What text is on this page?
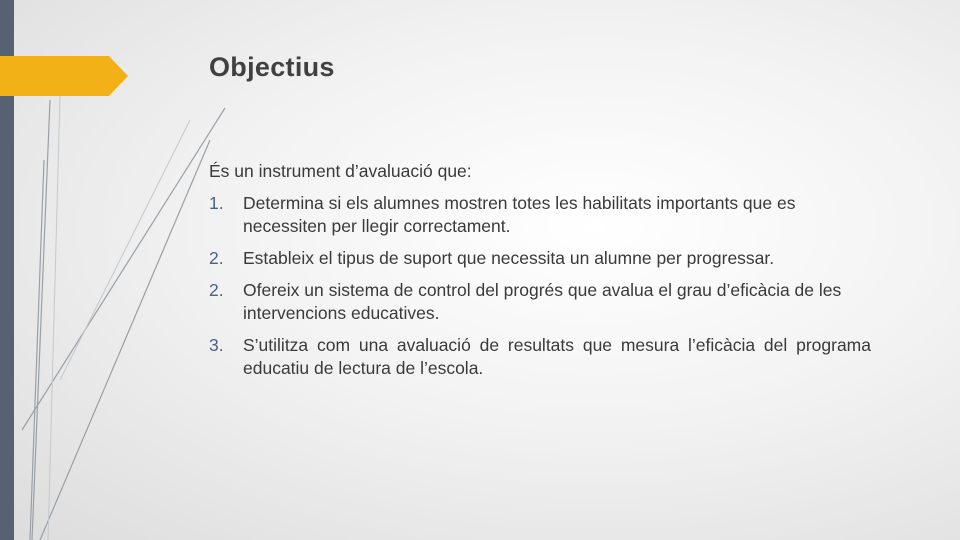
Objectius

És un instrument d’avaluació que:

1.	Determina si els alumnes mostren totes les habilitats importants que es necessiten per llegir correctament.
2.	Estableix el tipus de suport que necessita un alumne per progressar.
2.	Ofereix un sistema de control del progrés que avalua el grau d’eficàcia de les intervencions educatives.
3.	S’utilitza com una avaluació de resultats que mesura l’eficàcia del programa educatiu de lectura de l’escola.
